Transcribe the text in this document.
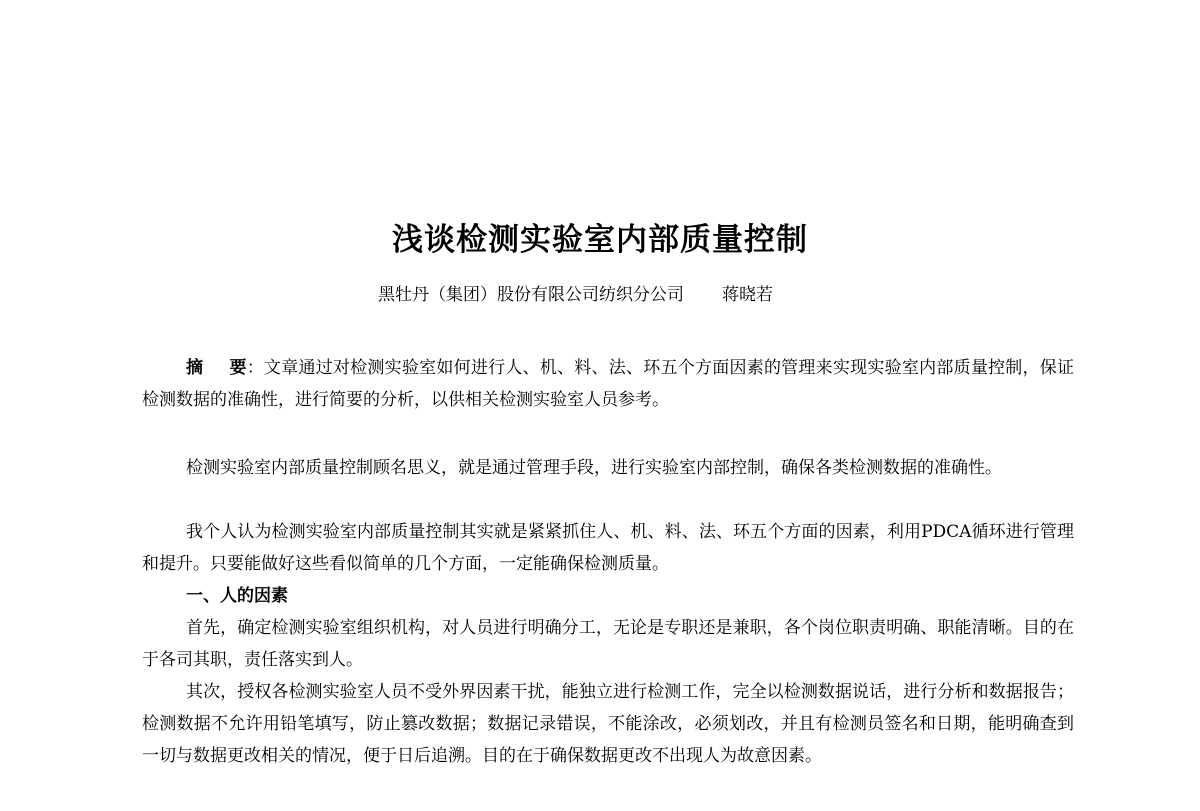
浅谈检测实验室内部质量控制
黑牡丹（集团）股份有限公司纺织分公司 蒋晓若
摘 要：文章通过对检测实验室如何进行人、机、料、法、环五个方面因素的管理来实现实验室内部质量控制，保证检测数据的准确性，进行简要的分析，以供相关检测实验室人员参考。

检测实验室内部质量控制顾名思义，就是通过管理手段，进行实验室内部控制，确保各类检测数据的准确性。

我个人认为检测实验室内部质量控制其实就是紧紧抓住人、机、料、法、环五个方面的因素，利用PDCA循环进行管理和提升。只要能做好这些看似简单的几个方面，一定能确保检测质量。

一、人的因素

首先，确定检测实验室组织机构，对人员进行明确分工，无论是专职还是兼职，各个岗位职责明确、职能清晰。目的在于各司其职，责任落实到人。

其次，授权各检测实验室人员不受外界因素干扰，能独立进行检测工作，完全以检测数据说话，进行分析和数据报告；检测数据不允许用铅笔填写，防止篡改数据；数据记录错误，不能涂改，必须划改，并且有检测员签名和日期，能明确查到一切与数据更改相关的情况，便于日后追溯。目的在于确保数据更改不出现人为故意因素。
